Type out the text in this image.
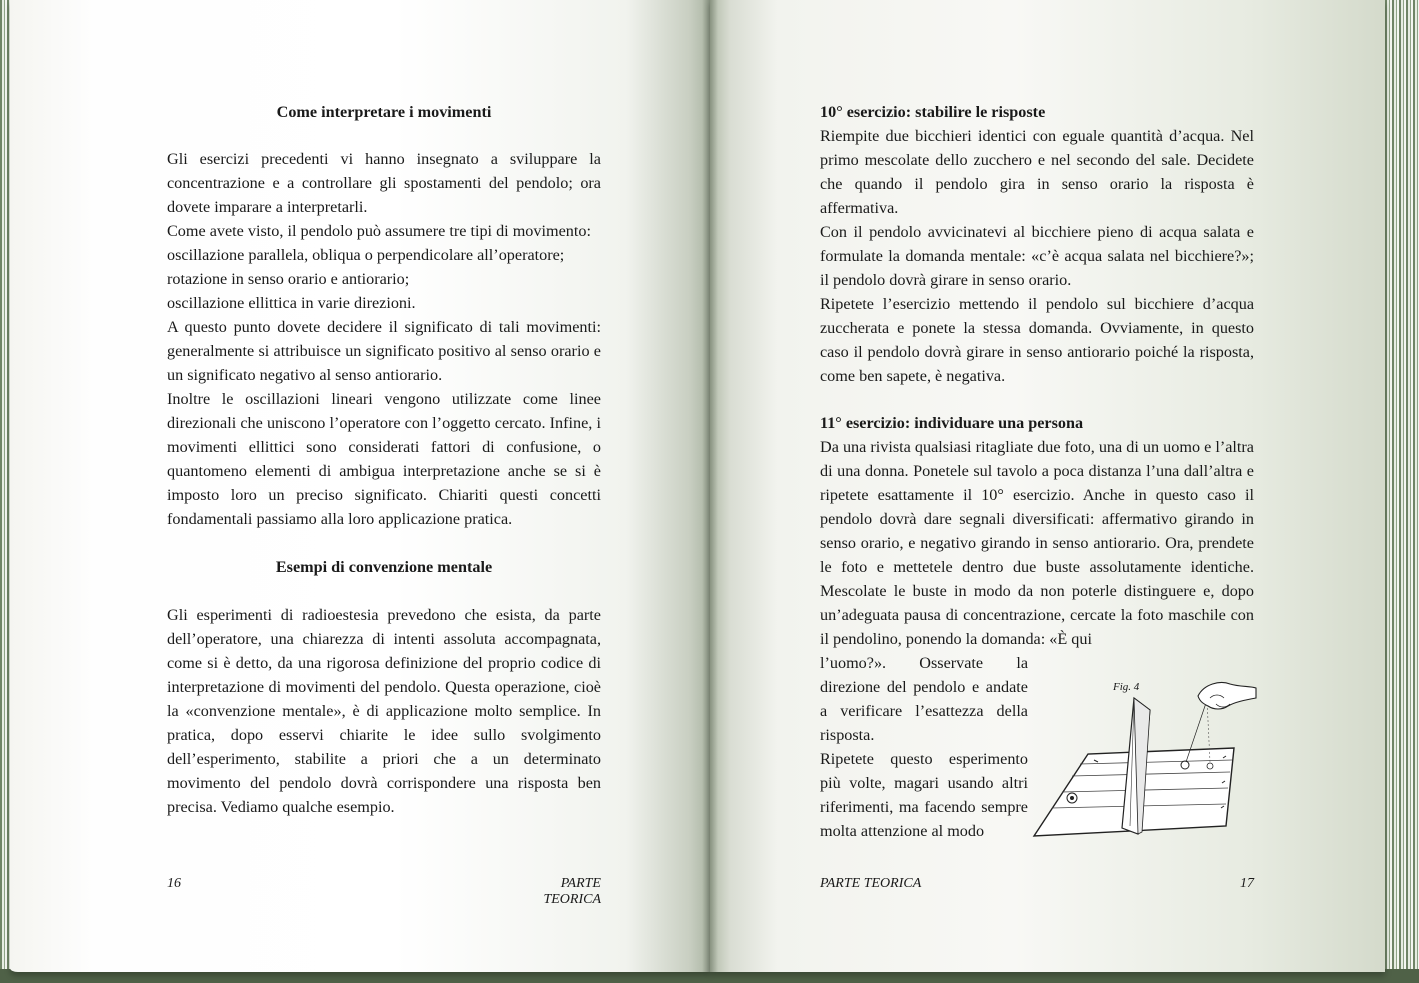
Come interpretare i movimenti

Gli esercizi precedenti vi hanno insegnato a sviluppare la concentrazione e a controllare gli spostamenti del pendolo; ora dovete imparare a interpretarli.

Come avete visto, il pendolo può assumere tre tipi di movimento:

oscillazione parallela, obliqua o perpendicolare all’operatore;

rotazione in senso orario e antiorario;

oscillazione ellittica in varie direzioni.

A questo punto dovete decidere il significato di tali movimenti: generalmente si attribuisce un significato positivo al senso orario e un significato negativo al senso antiorario.

Inoltre le oscillazioni lineari vengono utilizzate come linee direzionali che uniscono l’operatore con l’oggetto cercato. Infine, i movimenti ellittici sono considerati fattori di confusione, o quantomeno elementi di ambigua interpretazione anche se si è imposto loro un preciso significato. Chiariti questi concetti fondamentali passiamo alla loro applicazione pratica.

Esempi di convenzione mentale

Gli esperimenti di radioestesia prevedono che esista, da parte dell’operatore, una chiarezza di intenti assoluta accompagnata, come si è detto, da una rigorosa definizione del proprio codice di interpretazione di movimenti del pendolo. Questa operazione, cioè la «convenzione mentale», è di applicazione molto semplice. In pratica, dopo esservi chiarite le idee sullo svolgimento dell’esperimento, stabilite a priori che a un determinato movimento del pendolo dovrà corrispondere una risposta ben precisa. Vediamo qualche esempio.

16	PARTE TEORICA

10° esercizio: stabilire le risposte

Riempite due bicchieri identici con eguale quantità d’acqua. Nel primo mescolate dello zucchero e nel secondo del sale. Decidete che quando il pendolo gira in senso orario la risposta è affermativa.

Con il pendolo avvicinatevi al bicchiere pieno di acqua salata e formulate la domanda mentale: «c’è acqua salata nel bicchiere?»; il pendolo dovrà girare in senso orario.

Ripetete l’esercizio mettendo il pendolo sul bicchiere d’acqua zuccherata e ponete la stessa domanda. Ovviamente, in questo caso il pendolo dovrà girare in senso antiorario poiché la risposta, come ben sapete, è negativa.

11° esercizio: individuare una persona

Da una rivista qualsiasi ritagliate due foto, una di un uomo e l’altra di una donna. Ponetele sul tavolo a poca distanza l’una dall’altra e ripetete esattamente il 10° esercizio. Anche in questo caso il pendolo dovrà dare segnali diversificati: affermativo girando in senso orario, e negativo girando in senso antiorario. Ora, prendete le foto e mettetele dentro due buste assolutamente identiche. Mescolate le buste in modo da non poterle distinguere e, dopo un’adeguata pausa di concentrazione, cercate la foto maschile con il pendolino, ponendo la domanda: «È qui

l’uomo?». Osservate la direzione del pendolo e andate a verificare l’esattezza della risposta.

Ripetete questo esperimento più volte, magari usando altri riferimenti, ma facendo sempre molta attenzione al modo

Fig. 4
PARTE TEORICA	17
